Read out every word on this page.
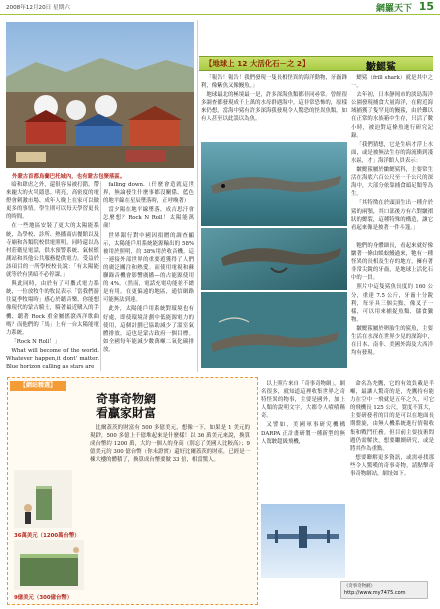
2008年12月20日 星期六	網羅天下 15
外蒙古首都烏蘭巴托城內，也有蒙古包聚落區。

暗和肆虐之外，還很容易被打錯，帶來龐大的火災隱患。明亮，高密度的電燈會刺激市場、成年人晚上在家可以做更多的事情。學生則可以每天學習更長的時間。

在一些地區安裝了更大的太陽能系統，為學校、診所、熱播商店餐館以及寺廟和各類院校供電照明，同時還以為村莊衛星電話，供水預警系統、氣候監測站和其他公共服務提供電力。受益於該項目的一所學校校長說：「有太陽能就等於有黑暗不必停課。」

與此同時，由於有了可攜式電力系統，一位放牧牛的牧民表示「當我們游往夏季牧場時」感心於聽音樂。你能想像現代的蒙古騎士，騎著最近購入的手機、聽著 Rock 重金屬搖滾西洋歌曲嗎？而他們的「馬」上有一台太陽能電力系統。

「Rock N Roll！」

What will become of the world. Whatever happen,it dont' matter. Blue horizon calling as stars are

falling down.（什麼會造就這世界，無論發生什麼事都沒關係，藍色的地平線在星辰墜落時，正呼喚著）

當夕陽在地平線墜落，成吉思汗會怎麼想？Rock N Roll！太陽能萬歲！

世界銀行對中國因捐贈的調查顯示，太陽能戶用系統能源輸出的 58%被用於照明，約 38%用於收音機，這一連接外部世界的重要遊獲得了人們的廣泛關注和熱愛。而使用電視和蘇聯錄音機會影響廣播—的占能源使用的 4%。（然而，電話充電功能並不總是有用，在更偏遠的地區，通信網路可能無法到達。

此外，太陽能戶用系統對環境也有好處，即使環境計劃中低能源電力的使用，這個計劃已協助減少了溫室氣體排放，這也是蒙古政府一個目標。如全國每年能減少數萬噸二氧化碳排放。

【地球上 12 大活化石－之 2】	皺鰓鯊

「報告！報告！我們發現一隻長相怪異的海洋動物，牙齒鋒利，像紫魚又像鰻魚。」

地球最北的極境最一是，許多深海魚類都非同尋常。曾經很多調查都發現成千上萬的水母群遇海中。這非常恐怖的，原樣來仍想，當海中鯊有許多深海我發現令人驚恐的怪異魚類，如有人甚至以此誤以為魚。

鰓鯊（frill shark）就是其中之一。

去年初，日本靜岡市的淡島海洋公園發現捕食大量海洋，在附近海域捕獲了隻罕見的鰻鯊，由於難以在正常的水族箱中生存，只活了數小時，被迫對這條魚進行研究記錄。

「我們猜想，它是生病才浮上水面，或是被無法生存的海流衝到淺水區，才」海洋館人員表示：

皺鰓鯊屬於皺鰓鯊科，主要常生活在海底六百公尺至一千公尺的深海中，大部分依靠捕食頭足類等為生。

「其特徵在於頭頂生出一種介於鯊的兩顎，其口部後方有六對皺褶狀的鰓裂，這種特殊的構造，讓它看起來像是披著一件斗篷。」

牠們的身體細長，看起來就好像皺著一條由蜈蚣鰻過來，牠有一種怪異的長相及生存的地方，擁有著非常尖銳的牙齒，是地球上活化石中的一員。

照片中這隻鯊魚長度約 160 公分，重達 7.5 公斤，牙齒十分銳利，每牙具三個尖點，像叉子一樣，可以用來捕捉魚類，儲食獵物。

皺鰓鯊屬於卵胎生的鯊魚，主要生活在水深在世界少見的深海中，在日本、南非、美國外海及大西洋均有發現。

【網站精選】
奇事奇物網
看贏家財富
36萬美元（1200萬台幣）
9億美元（300億台幣）

比爾蓋茨的財富有 500 多億美元，想像一下，如果是 1 美元的現鈔，500 多億上千億堆起來是什麼樣！以 36 萬美元來說，換算成台幣約 1200 萬，大約一個人的身高（別忘了美國人比較高）；9 億美元約 300 億台幣（你未證實）還好比爾蓋茨的財產，已經是一棟大樓的體積了，換算成台幣要做 33 倍，相當驚人。

以上照片來自「奇事奇物網」，網名很多，就知道這裡收集世界之奇特怪異的物事，主要是國外，加上人類的說明文字，大都令人嘖嘖稱奇。

又譬如，美國軍事研究機構 DARPA 正計畫研製一種新型的無人駕駛超級飛機，

命名為禿鷹，它的有效負載是半噸，最讓人驚奇的是，禿鷹持有能力在空中一飛就是五年之久，可它的飛機長 125 公尺，寬度不算大，主要研發者的目的是可以在地面長期盤旋，由無人機系統進行情報收集和戰鬥任務。但目前主要技術問題仍需解決，想要繼續研究，或是將其作為重點。

想要瞭解更多資訊，或需尋找那些令人驚嘆的奇事奇物，請點擊奇事奇物網站，網址如下。

《奇事奇物網》
http://www.my7475.com
